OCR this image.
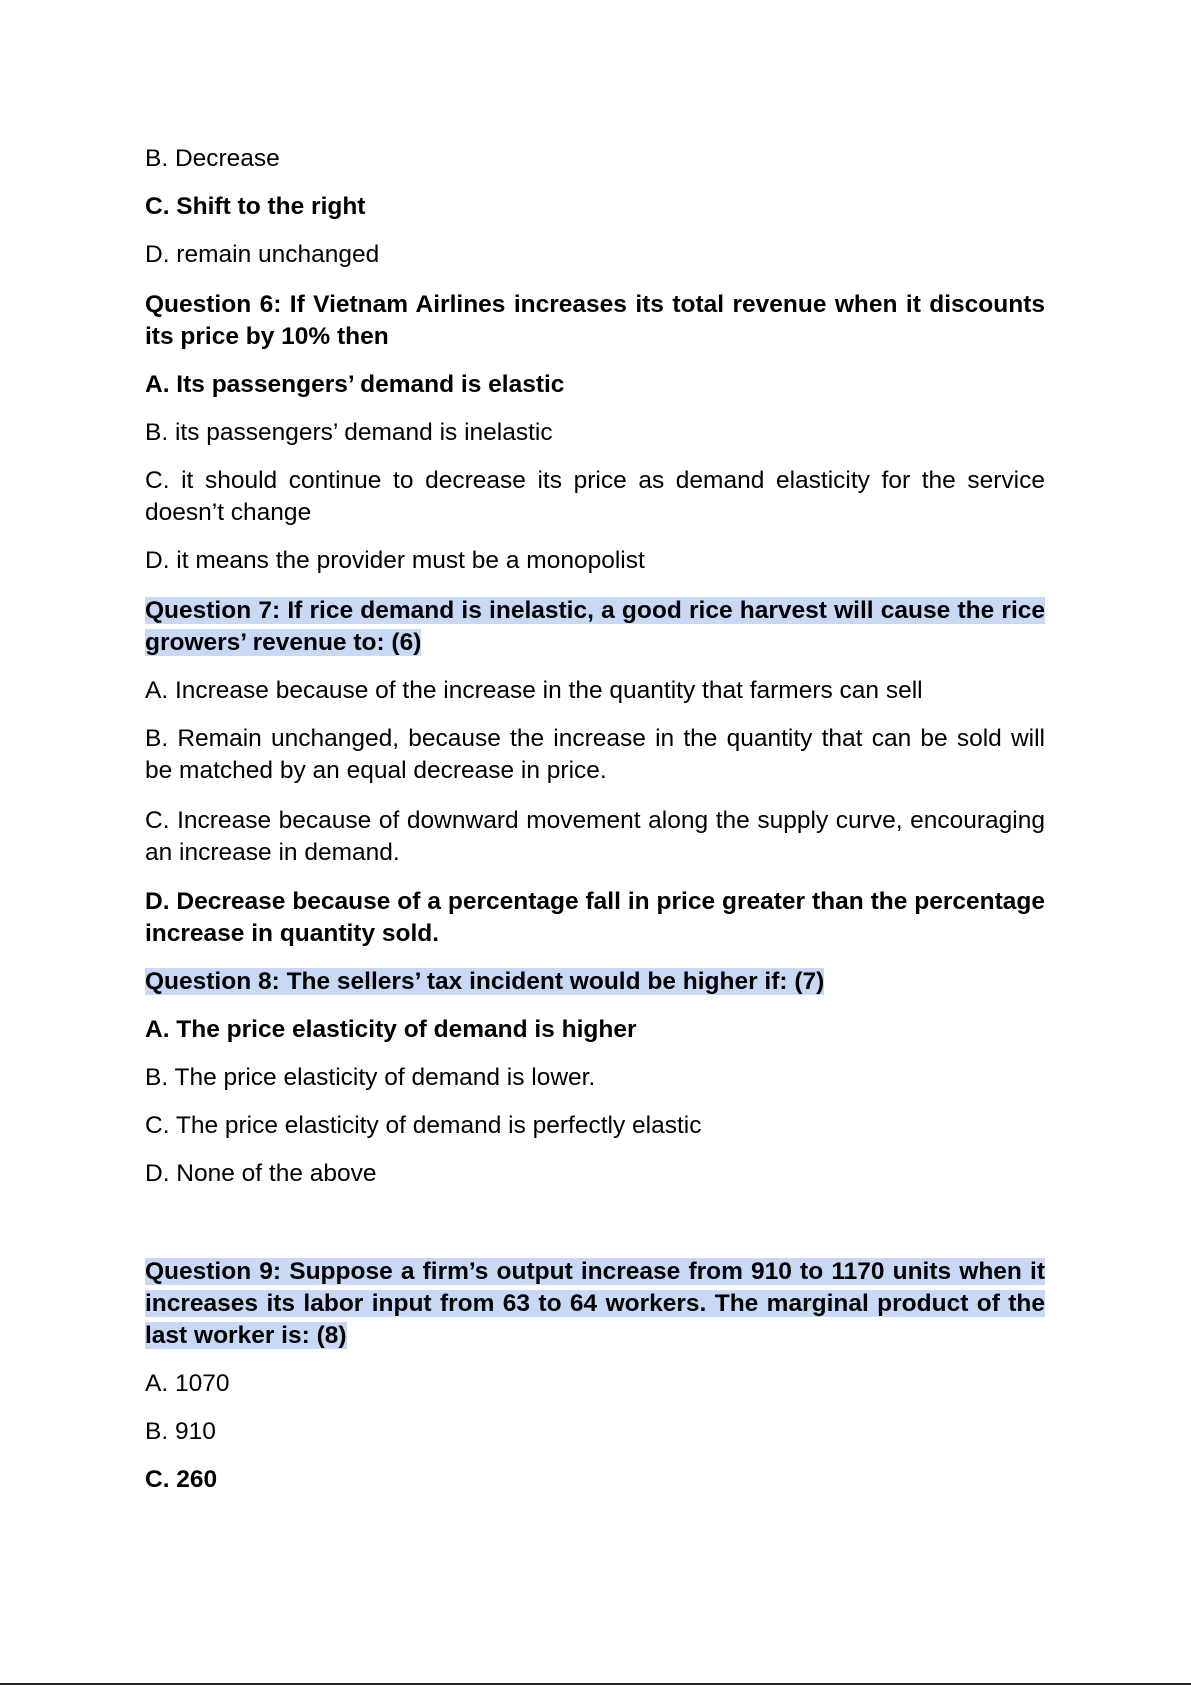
B. Decrease

C. Shift to the right

D. remain unchanged

Question 6: If Vietnam Airlines increases its total revenue when it discounts its price by 10% then

A. Its passengers’ demand is elastic

B. its passengers’ demand is inelastic

C. it should continue to decrease its price as demand elasticity for the service doesn’t change

D. it means the provider must be a monopolist

Question 7: If rice demand is inelastic, a good rice harvest will cause the rice growers’ revenue to: (6)

A. Increase because of the increase in the quantity that farmers can sell

B. Remain unchanged, because the increase in the quantity that can be sold will be matched by an equal decrease in price.

C. Increase because of downward movement along the supply curve, encouraging an increase in demand.

D. Decrease because of a percentage fall in price greater than the percentage increase in quantity sold.

Question 8: The sellers’ tax incident would be higher if: (7)

A. The price elasticity of demand is higher

B. The price elasticity of demand is lower.

C. The price elasticity of demand is perfectly elastic

D. None of the above

Question 9: Suppose a firm’s output increase from 910 to 1170 units when it increases its labor input from 63 to 64 workers. The marginal product of the last worker is: (8)

A. 1070

B. 910

C. 260
